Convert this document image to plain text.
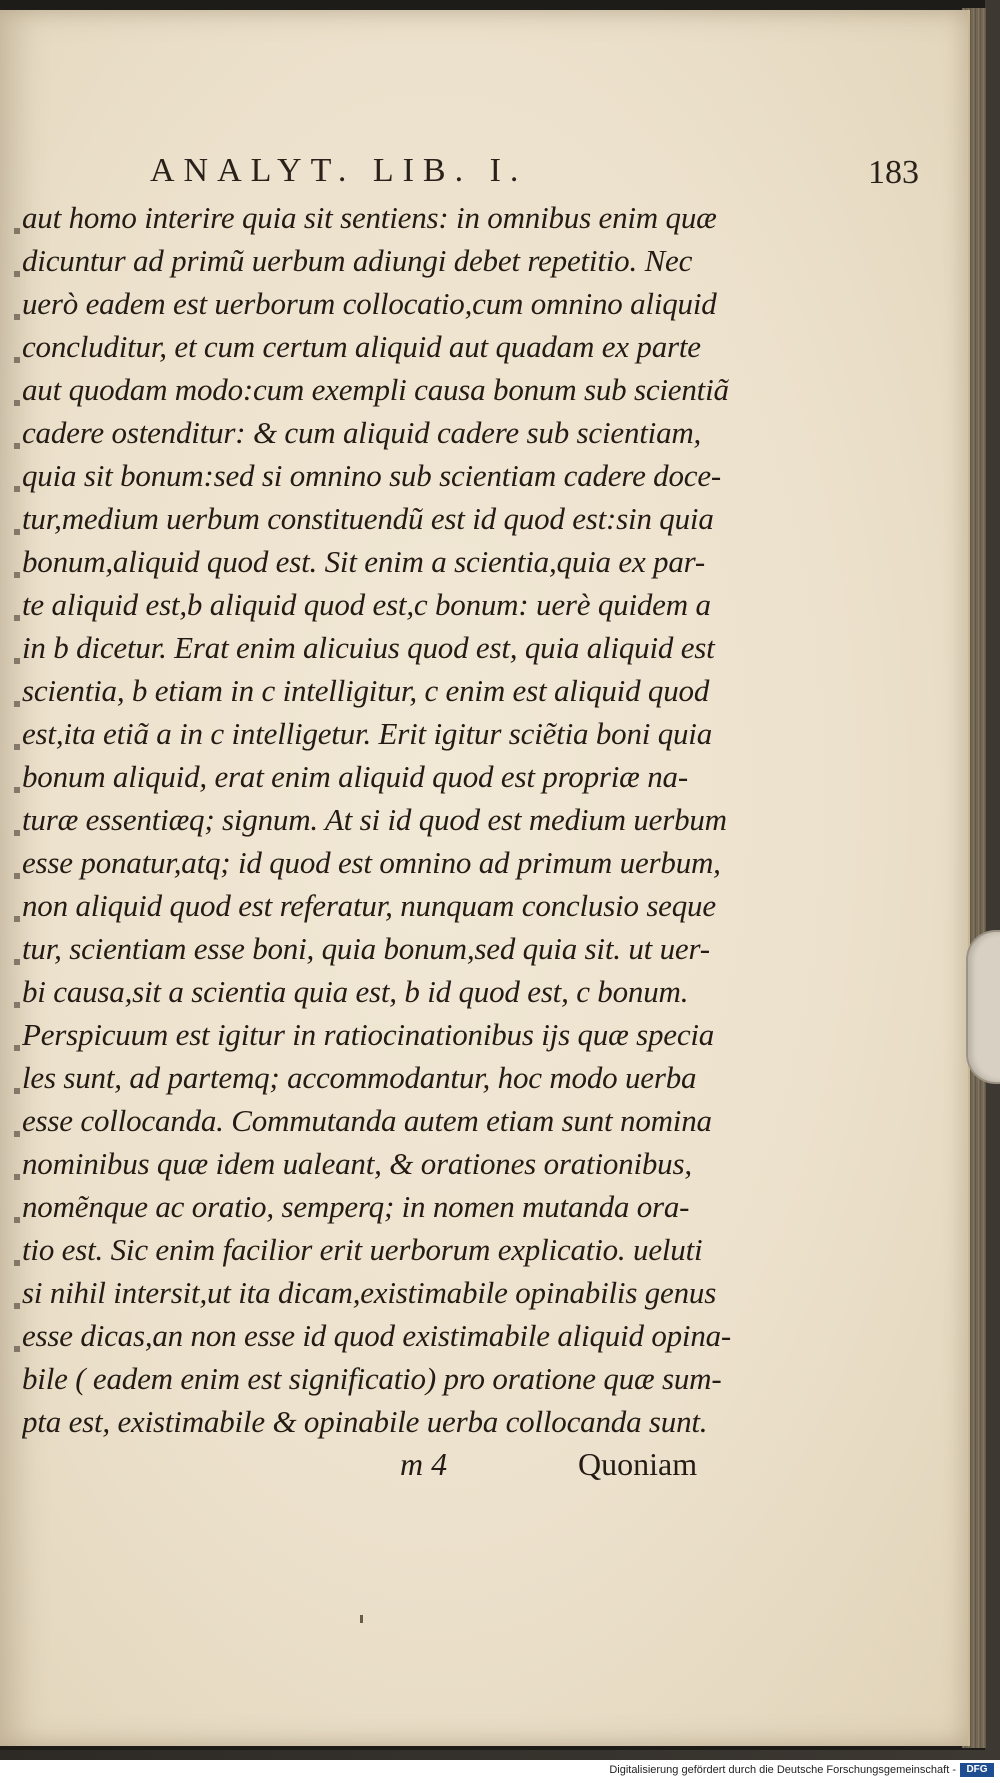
ANALYT. LIB. I.	183
aut homo interire quia sit sentiens: in omnibus enim quæ
dicuntur ad primũ uerbum adiungi debet repetitio. Nec
uerò eadem est uerborum collocatio,cum omnino aliquid
concluditur, et cum certum aliquid aut quadam ex parte
aut quodam modo:cum exempli causa bonum sub scientiã
cadere ostenditur: & cum aliquid cadere sub scientiam,
quia sit bonum:sed si omnino sub scientiam cadere doce-
tur,medium uerbum constituendũ est id quod est:sin quia
bonum,aliquid quod est. Sit enim a scientia,quia ex par-
te aliquid est,b aliquid quod est,c bonum: uerè quidem a
in b dicetur. Erat enim alicuius quod est, quia aliquid est
scientia, b etiam in c intelligitur, c enim est aliquid quod
est,ita etiã a in c intelligetur. Erit igitur sciẽtia boni quia
bonum aliquid, erat enim aliquid quod est propriæ na-
turæ essentiæq; signum. At si id quod est medium uerbum
esse ponatur,atq; id quod est omnino ad primum uerbum,
non aliquid quod est referatur, nunquam conclusio seque
tur, scientiam esse boni, quia bonum,sed quia sit. ut uer-
bi causa,sit a scientia quia est, b id quod est, c bonum.
Perspicuum est igitur in ratiocinationibus ijs quæ specia
les sunt, ad partemq; accommodantur, hoc modo uerba
esse collocanda. Commutanda autem etiam sunt nomina
nominibus quæ idem ualeant, & orationes orationibus,
nomẽnque ac oratio, semperq; in nomen mutanda ora-
tio est. Sic enim facilior erit uerborum explicatio. ueluti
si nihil intersit,ut ita dicam,existimabile opinabilis genus
esse dicas,an non esse id quod existimabile aliquid opina-
bile ( eadem enim est significatio) pro oratione quæ sum-
pta est, existimabile & opinabile uerba collocanda sunt.
m 4	Quoniam
Digitalisierung gefördert durch die Deutsche Forschungsgemeinschaft -	DFG
